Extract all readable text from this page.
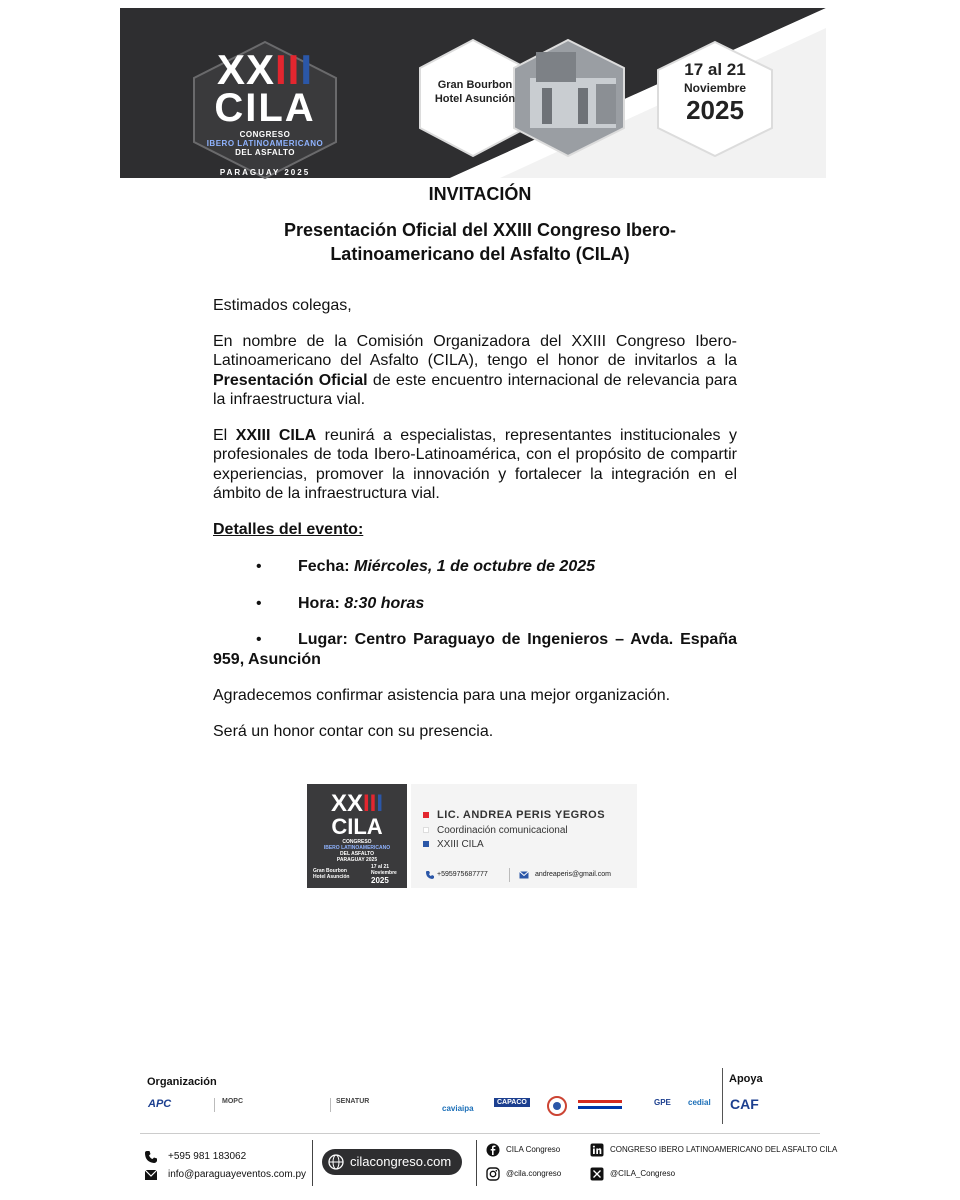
XXIII
CILA
CONGRESO
IBERO LATINOAMERICANO
DEL ASFALTO
PARAGUAY 2025
Gran Bourbon
Hotel Asunción
17 al 21
Noviembre
2025
INVITACIÓN
Presentación Oficial del XXIII Congreso Ibero-Latinoamericano del Asfalto (CILA)

Estimados colegas,

En nombre de la Comisión Organizadora del XXIII Congreso Ibero-Latinoamericano del Asfalto (CILA), tengo el honor de invitarlos a la Presentación Oficial de este encuentro internacional de relevancia para la infraestructura vial.

El XXIII CILA reunirá a especialistas, representantes institucionales y profesionales de toda Ibero-Latinoamérica, con el propósito de compartir experiencias, promover la innovación y fortalecer la integración en el ámbito de la infraestructura vial.

Detalles del evento:

• Fecha: Miércoles, 1 de octubre de 2025
• Hora: 8:30 horas
• Lugar: Centro Paraguayo de Ingenieros – Avda. España 959, Asunción

Agradecemos confirmar asistencia para una mejor organización.

Será un honor contar con su presencia.

XXIII
CILA
CONGRESO
IBERO LATINOAMERICANO
DEL ASFALTO
PARAGUAY 2025
Gran Bourbon
Hotel Asunción
17 al 21
Noviembre
2025
LIC. ANDREA PERIS YEGROS
Coordinación comunicacional
XXIII CILA
+595975687777	andreaperis@gmail.com
Organización	Apoya
APC	MOPC	SENATUR
caviaipa
CAPACO	GPE cedial CAF
+595 981 183062
info@paraguayeventos.com.py
cilacongreso.com
CILA Congreso
@cila.congreso
CONGRESO IBERO LATINOAMERICANO DEL ASFALTO CILA
@CILA_Congreso
